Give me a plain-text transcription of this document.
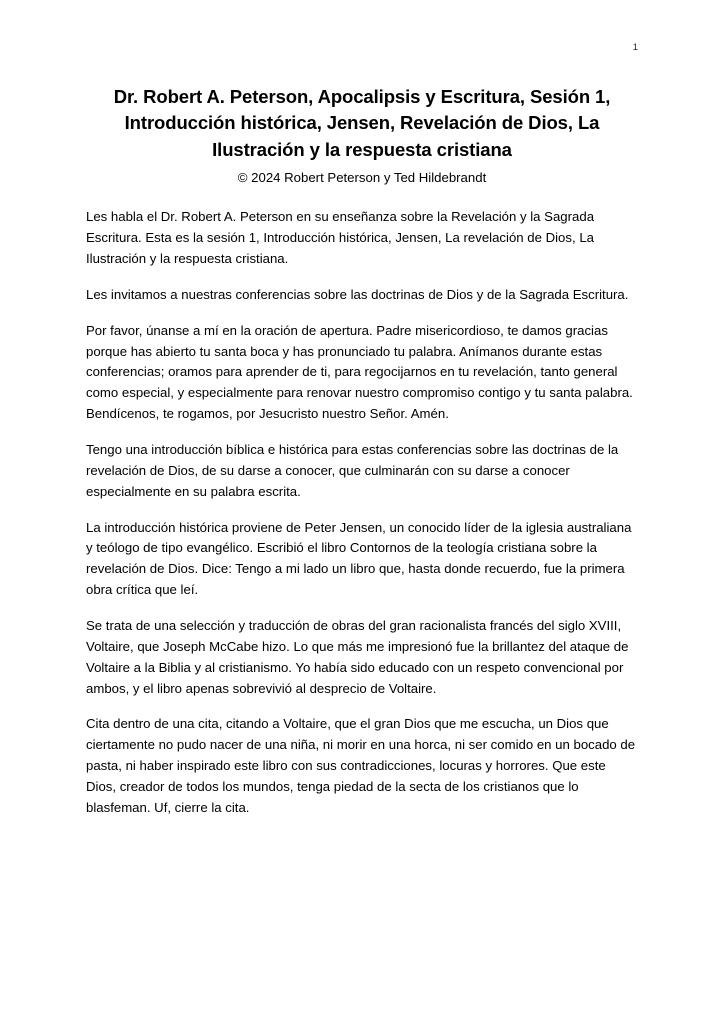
1
Dr. Robert A. Peterson, Apocalipsis y Escritura, Sesión 1, Introducción histórica, Jensen, Revelación de Dios, La Ilustración y la respuesta cristiana
© 2024 Robert Peterson y Ted Hildebrandt

Les habla el Dr. Robert A. Peterson en su enseñanza sobre la Revelación y la Sagrada Escritura. Esta es la sesión 1, Introducción histórica, Jensen, La revelación de Dios, La Ilustración y la respuesta cristiana.

Les invitamos a nuestras conferencias sobre las doctrinas de Dios y de la Sagrada Escritura.

Por favor, únanse a mí en la oración de apertura. Padre misericordioso, te damos gracias porque has abierto tu santa boca y has pronunciado tu palabra. Anímanos durante estas conferencias; oramos para aprender de ti, para regocijarnos en tu revelación, tanto general como especial, y especialmente para renovar nuestro compromiso contigo y tu santa palabra. Bendícenos, te rogamos, por Jesucristo nuestro Señor. Amén.

Tengo una introducción bíblica e histórica para estas conferencias sobre las doctrinas de la revelación de Dios, de su darse a conocer, que culminarán con su darse a conocer especialmente en su palabra escrita.

La introducción histórica proviene de Peter Jensen, un conocido líder de la iglesia australiana y teólogo de tipo evangélico. Escribió el libro Contornos de la teología cristiana sobre la revelación de Dios. Dice: Tengo a mi lado un libro que, hasta donde recuerdo, fue la primera obra crítica que leí.

Se trata de una selección y traducción de obras del gran racionalista francés del siglo XVIII, Voltaire, que Joseph McCabe hizo. Lo que más me impresionó fue la brillantez del ataque de Voltaire a la Biblia y al cristianismo. Yo había sido educado con un respeto convencional por ambos, y el libro apenas sobrevivió al desprecio de Voltaire.

Cita dentro de una cita, citando a Voltaire, que el gran Dios que me escucha, un Dios que ciertamente no pudo nacer de una niña, ni morir en una horca, ni ser comido en un bocado de pasta, ni haber inspirado este libro con sus contradicciones, locuras y horrores. Que este Dios, creador de todos los mundos, tenga piedad de la secta de los cristianos que lo blasfeman. Uf, cierre la cita.
